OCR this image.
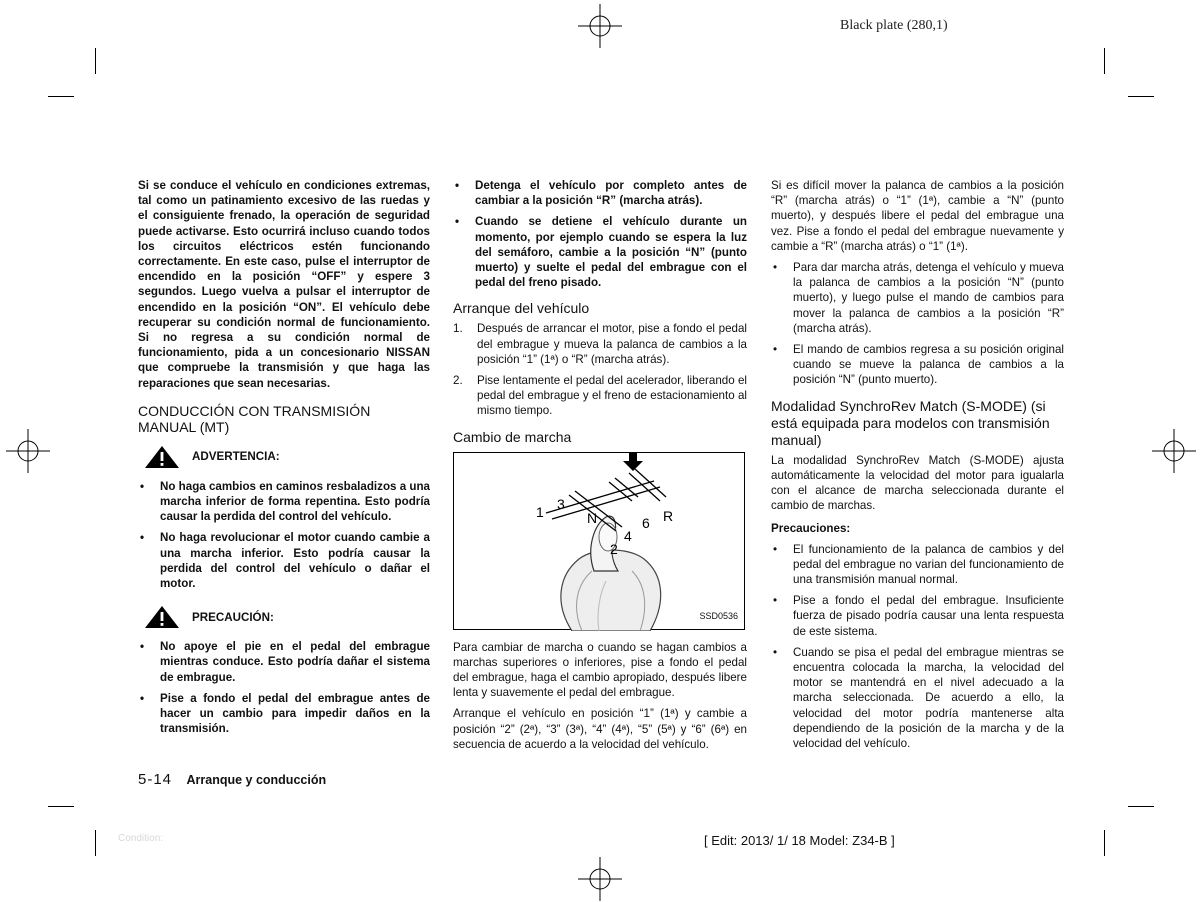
Black plate (280,1)

Si se conduce el vehículo en condiciones extremas, tal como un patinamiento excesivo de las ruedas y el consiguiente frenado, la operación de seguridad puede activarse. Esto ocurrirá incluso cuando todos los circuitos eléctricos estén funcionando correctamente. En este caso, pulse el interruptor de encendido en la posición “OFF” y espere 3 segundos. Luego vuelva a pulsar el interruptor de encendido en la posición “ON”. El vehículo debe recuperar su condición normal de funcionamiento. Si no regresa a su condición normal de funcionamiento, pida a un concesionario NISSAN que compruebe la transmisión y que haga las reparaciones que sean necesarias.

CONDUCCIÓN CON TRANSMISIÓN MANUAL (MT)
ADVERTENCIA:
• No haga cambios en caminos resbaladizos a una marcha inferior de forma repentina. Esto podría causar la perdida del control del vehículo.
• No haga revolucionar el motor cuando cambie a una marcha inferior. Esto podría causar la perdida del control del vehículo o dañar el motor.
PRECAUCIÓN:
• No apoye el pie en el pedal del embrague mientras conduce. Esto podría dañar el sistema de embrague.
• Pise a fondo el pedal del embrague antes de hacer un cambio para impedir daños en la transmisión.
• Detenga el vehículo por completo antes de cambiar a la posición “R” (marcha atrás).
• Cuando se detiene el vehículo durante un momento, por ejemplo cuando se espera la luz del semáforo, cambie a la posición “N” (punto muerto) y suelte el pedal del embrague con el pedal del freno pisado.
Arranque del vehículo
1. Después de arrancar el motor, pise a fondo el pedal del embrague y mueva la palanca de cambios a la posición “1” (1ª) o “R” (marcha atrás).
2. Pise lentamente el pedal del acelerador, liberando el pedal del embrague y el freno de estacionamiento al mismo tiempo.
Cambio de marcha
1
2
3
4
N	6 R
SSD0536

Para cambiar de marcha o cuando se hagan cambios a marchas superiores o inferiores, pise a fondo el pedal del embrague, haga el cambio apropiado, después libere lenta y suavemente el pedal del embrague.

Arranque el vehículo en posición “1” (1ª) y cambie a posición “2” (2ª), “3” (3ª), “4” (4ª), “5” (5ª) y “6” (6ª) en secuencia de acuerdo a la velocidad del vehículo.

Si es difícil mover la palanca de cambios a la posición “R” (marcha atrás) o “1” (1ª), cambie a “N” (punto muerto), y después libere el pedal del embrague una vez. Pise a fondo el pedal del embrague nuevamente y cambie a “R” (marcha atrás) o “1” (1ª).

• Para dar marcha atrás, detenga el vehículo y mueva la palanca de cambios a la posición “N” (punto muerto), y luego pulse el mando de cambios para mover la palanca de cambios a la posición “R” (marcha atrás).
• El mando de cambios regresa a su posición original cuando se mueve la palanca de cambios a la posición “N” (punto muerto).
Modalidad SynchroRev Match (S-MODE) (si está equipada para modelos con transmisión manual)

La modalidad SynchroRev Match (S-MODE) ajusta automáticamente la velocidad del motor para igualarla con el alcance de marcha seleccionada durante el cambio de marchas.

Precauciones:
• El funcionamiento de la palanca de cambios y del pedal del embrague no varian del funcionamiento de una transmisión manual normal.
• Pise a fondo el pedal del embrague. Insuficiente fuerza de pisado podría causar una lenta respuesta de este sistema.
• Cuando se pisa el pedal del embrague mientras se encuentra colocada la marcha, la velocidad del motor se mantendrá en el nivel adecuado a la marcha seleccionada. De acuerdo a ello, la velocidad del motor podría mantenerse alta dependiendo de la posición de la marcha y de la velocidad del vehículo.
5-14 Arranque y conducción
Condition:	[ Edit: 2013/ 1/ 18 Model: Z34-B ]
